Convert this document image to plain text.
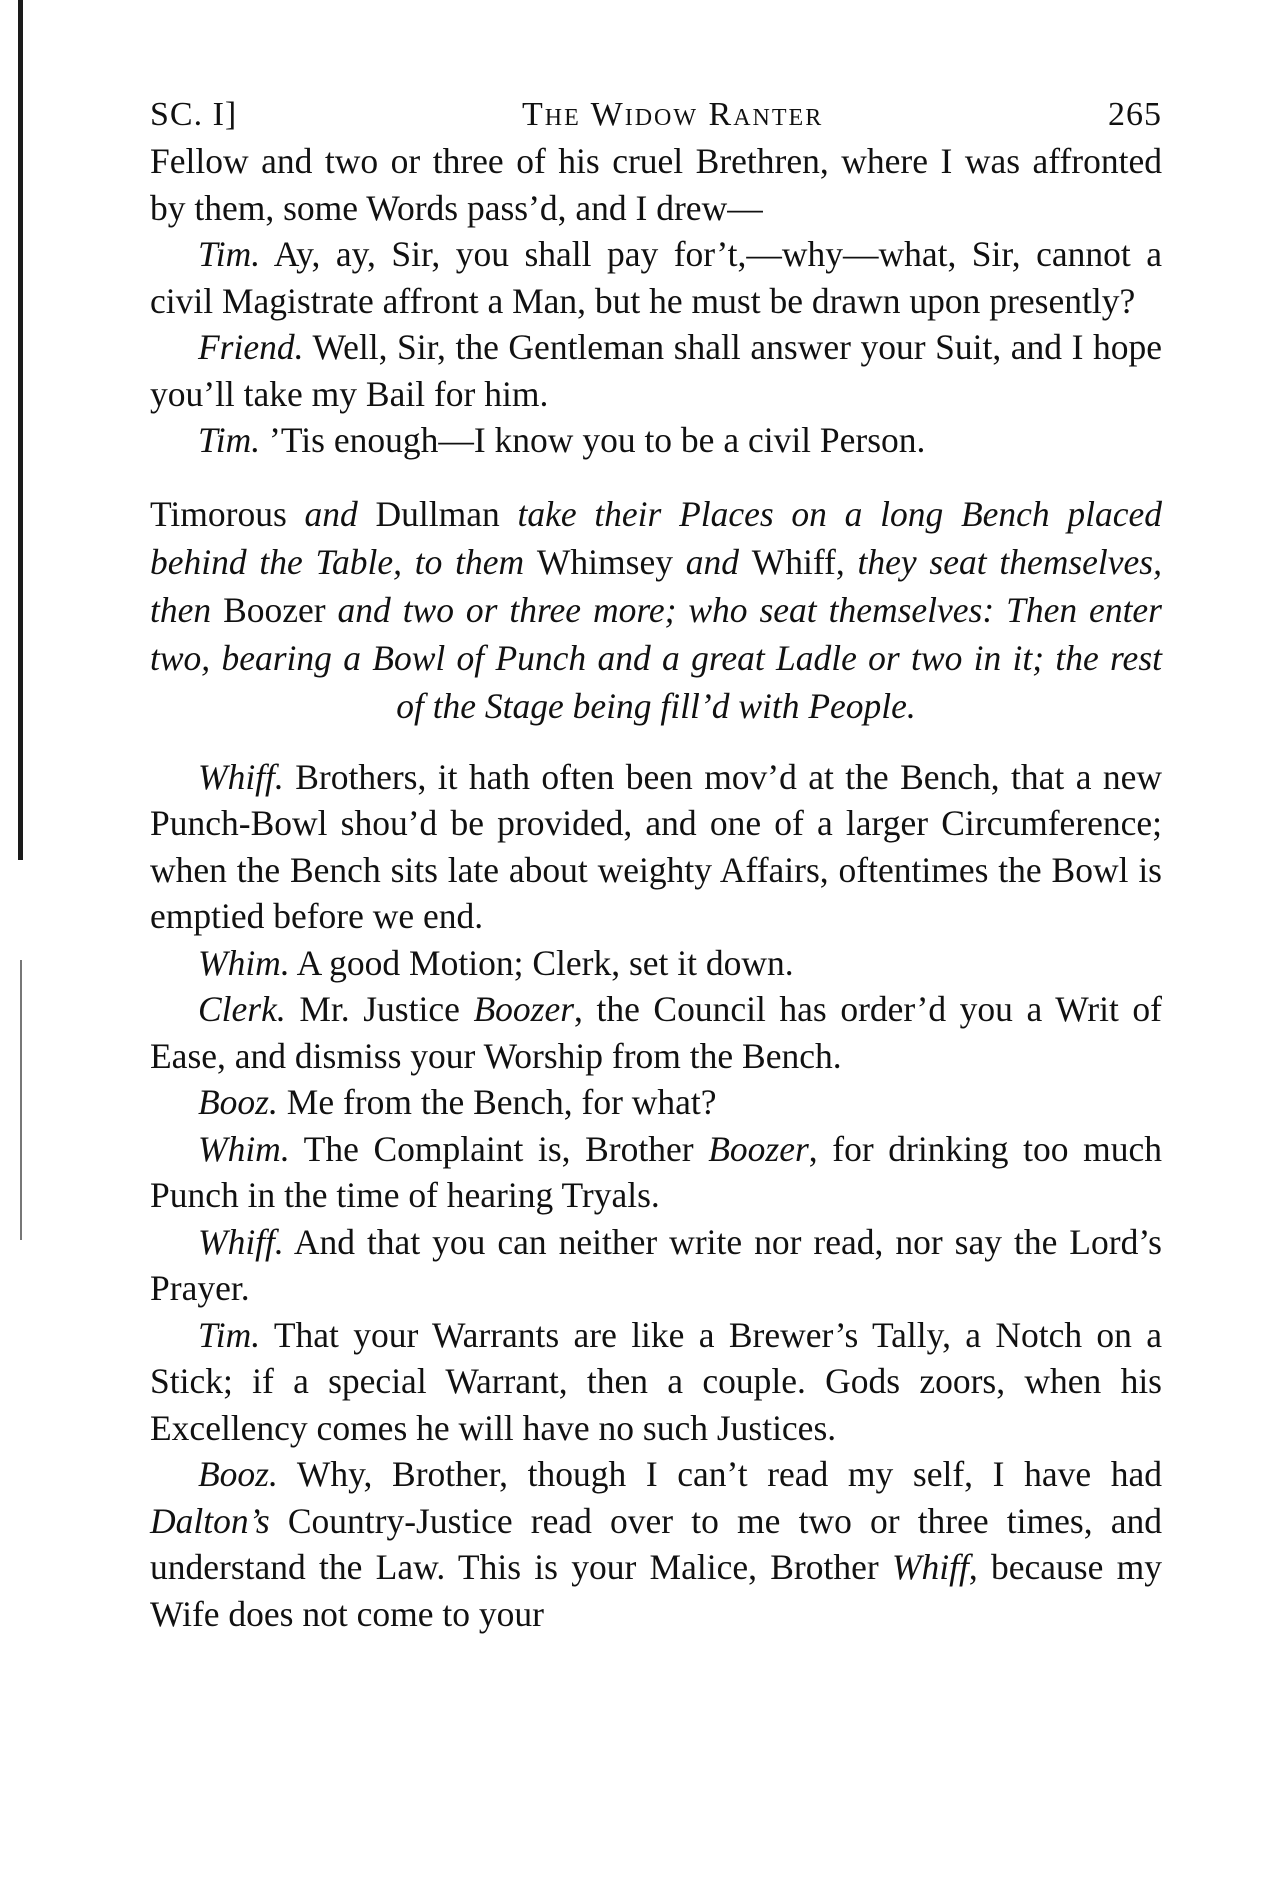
SC. I]	The Widow Ranter	265

Fellow and two or three of his cruel Brethren, where I was affronted by them, some Words pass’d, and I drew—

Tim. Ay, ay, Sir, you shall pay for’t,—why—what, Sir, cannot a civil Magistrate affront a Man, but he must be drawn upon presently?

Friend. Well, Sir, the Gentleman shall answer your Suit, and I hope you’ll take my Bail for him.

Tim. ’Tis enough—I know you to be a civil Person.

Timorous and Dullman take their Places on a long Bench placed behind the Table, to them Whimsey and Whiff, they seat themselves, then Boozer and two or three more; who seat themselves: Then enter two, bearing a Bowl of Punch and a great Ladle or two in it; the rest of the Stage being fill’d with People.

Whiff. Brothers, it hath often been mov’d at the Bench, that a new Punch-Bowl shou’d be provided, and one of a larger Circumference; when the Bench sits late about weighty Affairs, oftentimes the Bowl is emptied before we end.

Whim. A good Motion; Clerk, set it down.

Clerk. Mr. Justice Boozer, the Council has order’d you a Writ of Ease, and dismiss your Worship from the Bench.

Booz. Me from the Bench, for what?

Whim. The Complaint is, Brother Boozer, for drinking too much Punch in the time of hearing Tryals.

Whiff. And that you can neither write nor read, nor say the Lord’s Prayer.

Tim. That your Warrants are like a Brewer’s Tally, a Notch on a Stick; if a special Warrant, then a couple. Gods zoors, when his Excellency comes he will have no such Justices.

Booz. Why, Brother, though I can’t read my self, I have had Dalton’s Country-Justice read over to me two or three times, and understand the Law. This is your Malice, Brother Whiff, because my Wife does not come to your
